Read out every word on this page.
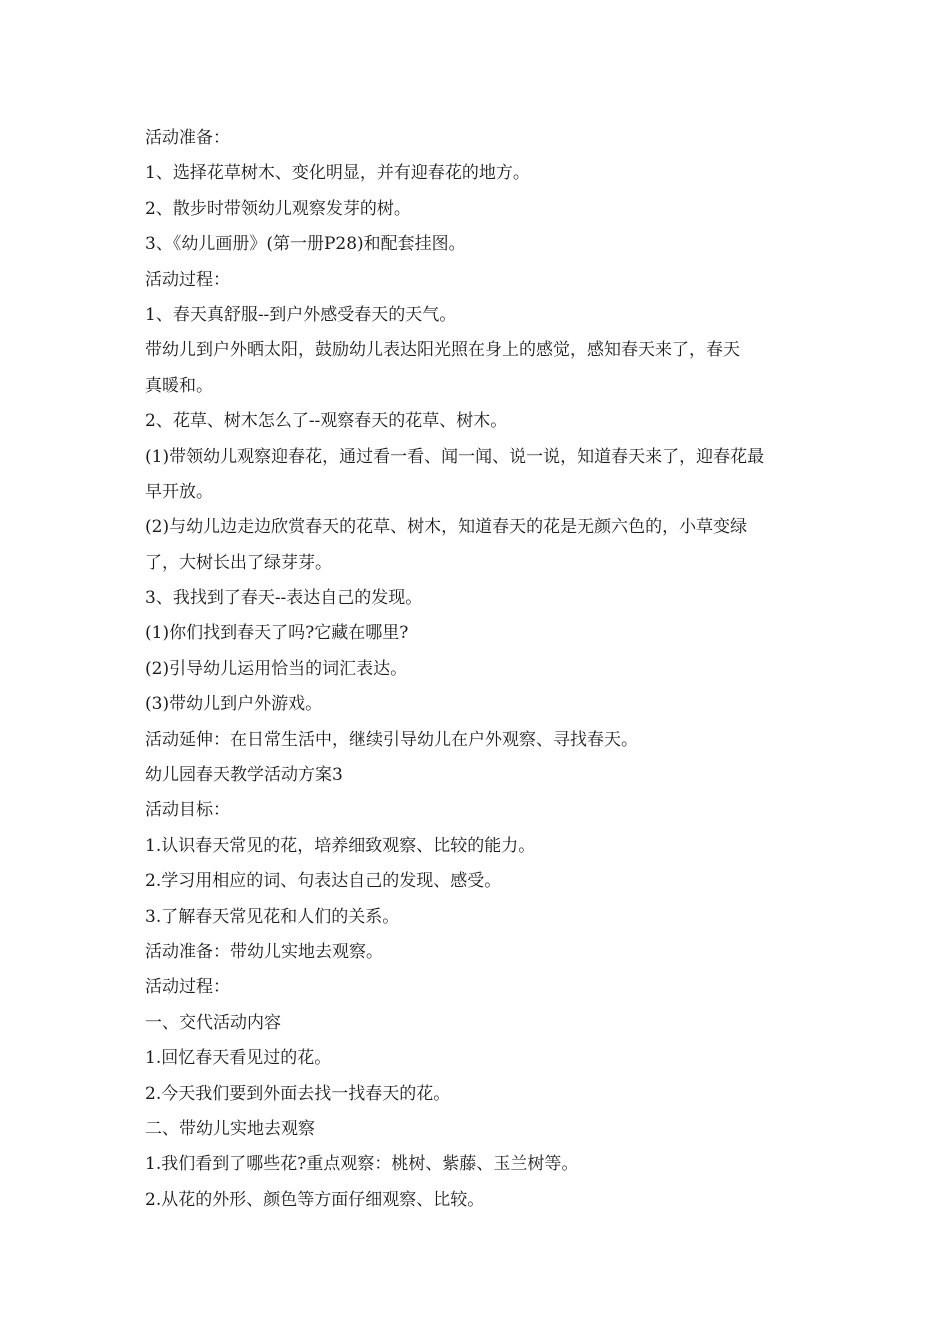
活动准备：

1、选择花草树木、变化明显，并有迎春花的地方。

2、散步时带领幼儿观察发芽的树。

3、《幼儿画册》(第一册P28)和配套挂图。

活动过程：

1、春天真舒服--到户外感受春天的天气。

带幼儿到户外晒太阳，鼓励幼儿表达阳光照在身上的感觉，感知春天来了，春天

真暖和。

2、花草、树木怎么了--观察春天的花草、树木。

(1)带领幼儿观察迎春花，通过看一看、闻一闻、说一说，知道春天来了，迎春花最

早开放。

(2)与幼儿边走边欣赏春天的花草、树木，知道春天的花是无颜六色的，小草变绿

了，大树长出了绿芽芽。

3、我找到了春天--表达自己的发现。

(1)你们找到春天了吗?它藏在哪里?

(2)引导幼儿运用恰当的词汇表达。

(3)带幼儿到户外游戏。

活动延伸：在日常生活中，继续引导幼儿在户外观察、寻找春天。

幼儿园春天教学活动方案3

活动目标：

1.认识春天常见的花，培养细致观察、比较的能力。

2.学习用相应的词、句表达自己的发现、感受。

3.了解春天常见花和人们的关系。

活动准备：带幼儿实地去观察。

活动过程：

一、交代活动内容

1.回忆春天看见过的花。

2.今天我们要到外面去找一找春天的花。

二、带幼儿实地去观察

1.我们看到了哪些花?重点观察：桃树、紫藤、玉兰树等。

2.从花的外形、颜色等方面仔细观察、比较。
